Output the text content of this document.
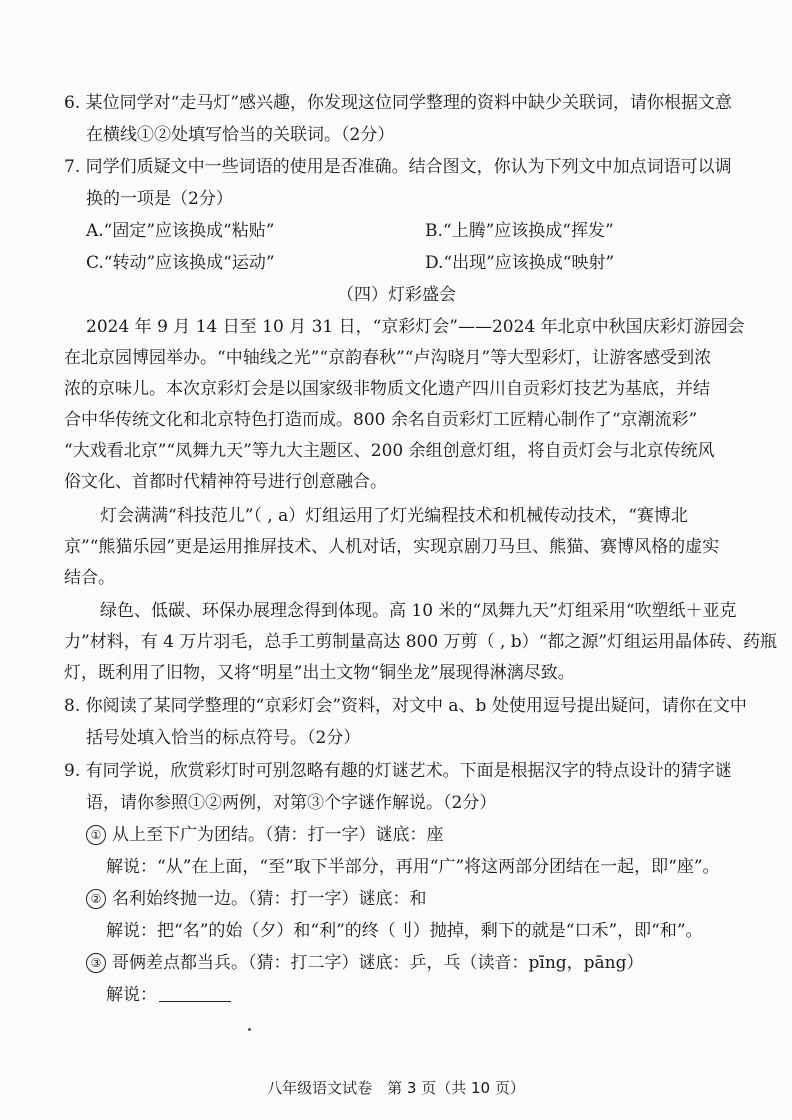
6. 某位同学对“走马灯”感兴趣，你发现这位同学整理的资料中缺少关联词，请你根据文意
在横线①②处填写恰当的关联词。（2分）
7. 同学们质疑文中一些词语的使用是否准确。结合图文，你认为下列文中加点词语可以调
换的一项是（2分）
A.“固定”应该换成“粘贴”	B.“上腾”应该换成“挥发”
C.“转动”应该换成“运动”	D.“出现”应该换成“映射”
（四）灯彩盛会
2024 年 9 月 14 日至 10 月 31 日，“京彩灯会”——2024 年北京中秋国庆彩灯游园会
在北京园博园举办。“中轴线之光”“京韵春秋”“卢沟晓月”等大型彩灯，让游客感受到浓
浓的京味儿。本次京彩灯会是以国家级非物质文化遗产四川自贡彩灯技艺为基底，并结
合中华传统文化和北京特色打造而成。800 余名自贡彩灯工匠精心制作了“京潮流彩”
“大戏看北京”“凤舞九天”等九大主题区、200 余组创意灯组，将自贡灯会与北京传统风
俗文化、首都时代精神符号进行创意融合。
灯会满满“科技范儿”（ , a）灯组运用了灯光编程技术和机械传动技术，“赛博北
京”“熊猫乐园”更是运用推屏技术、人机对话，实现京剧刀马旦、熊猫、赛博风格的虚实
结合。
绿色、低碳、环保办展理念得到体现。高 10 米的“凤舞九天”灯组采用“吹塑纸＋亚克
力”材料，有 4 万片羽毛，总手工剪制量高达 800 万剪（ , b）“都之源”灯组运用晶体砖、药瓶
灯，既利用了旧物，又将“明星”出土文物“铜坐龙”展现得淋漓尽致。
8. 你阅读了某同学整理的“京彩灯会”资料，对文中 a、b 处使用逗号提出疑问，请你在文中
括号处填入恰当的标点符号。（2分）
9. 有同学说，欣赏彩灯时可别忽略有趣的灯谜艺术。下面是根据汉字的特点设计的猜字谜
语，请你参照①②两例，对第③个字谜作解说。（2分）
① 从上至下广为团结。（猜：打一字）谜底：座
解说：“从”在上面，“至”取下半部分，再用“广”将这两部分团结在一起，即“座”。
② 名利始终抛一边。（猜：打一字）谜底：和
解说：把“名”的始（夕）和“利”的终（刂）抛掉，剩下的就是“口禾”，即“和”。
③ 哥俩差点都当兵。（猜：打二字）谜底：乒，乓（读音：pīng，pāng）
解说：
八年级语文试卷　第 3 页（共 10 页）
